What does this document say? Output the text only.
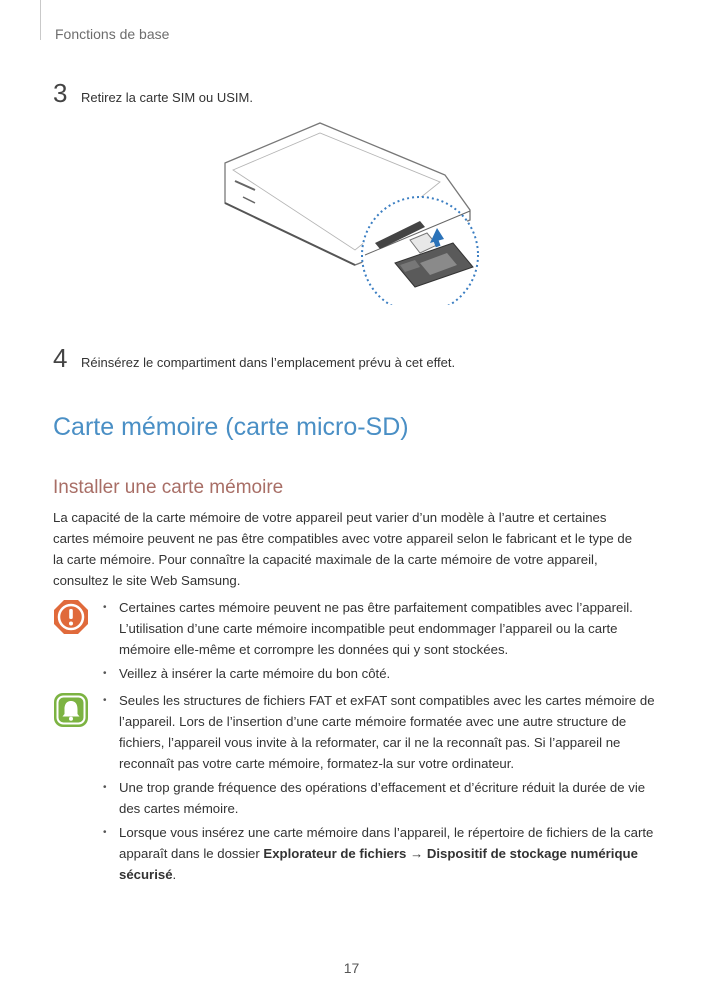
Fonctions de base
3	Retirez la carte SIM ou USIM.
4	Réinsérez le compartiment dans l’emplacement prévu à cet effet.
Carte mémoire (carte micro-SD)
Installer une carte mémoire
La capacité de la carte mémoire de votre appareil peut varier d’un modèle à l’autre et certaines cartes mémoire peuvent ne pas être compatibles avec votre appareil selon le fabricant et le type de la carte mémoire. Pour connaître la capacité maximale de la carte mémoire de votre appareil, consultez le site Web Samsung.
• Certaines cartes mémoire peuvent ne pas être parfaitement compatibles avec l’appareil. L’utilisation d’une carte mémoire incompatible peut endommager l’appareil ou la carte mémoire elle-même et corrompre les données qui y sont stockées.
• Veillez à insérer la carte mémoire du bon côté.
• Seules les structures de fichiers FAT et exFAT sont compatibles avec les cartes mémoire de l’appareil. Lors de l’insertion d’une carte mémoire formatée avec une autre structure de fichiers, l’appareil vous invite à la reformater, car il ne la reconnaît pas. Si l’appareil ne reconnaît pas votre carte mémoire, formatez-la sur votre ordinateur.
• Une trop grande fréquence des opérations d’effacement et d’écriture réduit la durée de vie des cartes mémoire.
• Lorsque vous insérez une carte mémoire dans l’appareil, le répertoire de fichiers de la carte apparaît dans le dossier Explorateur de fichiers → Dispositif de stockage numérique sécurisé.
17
